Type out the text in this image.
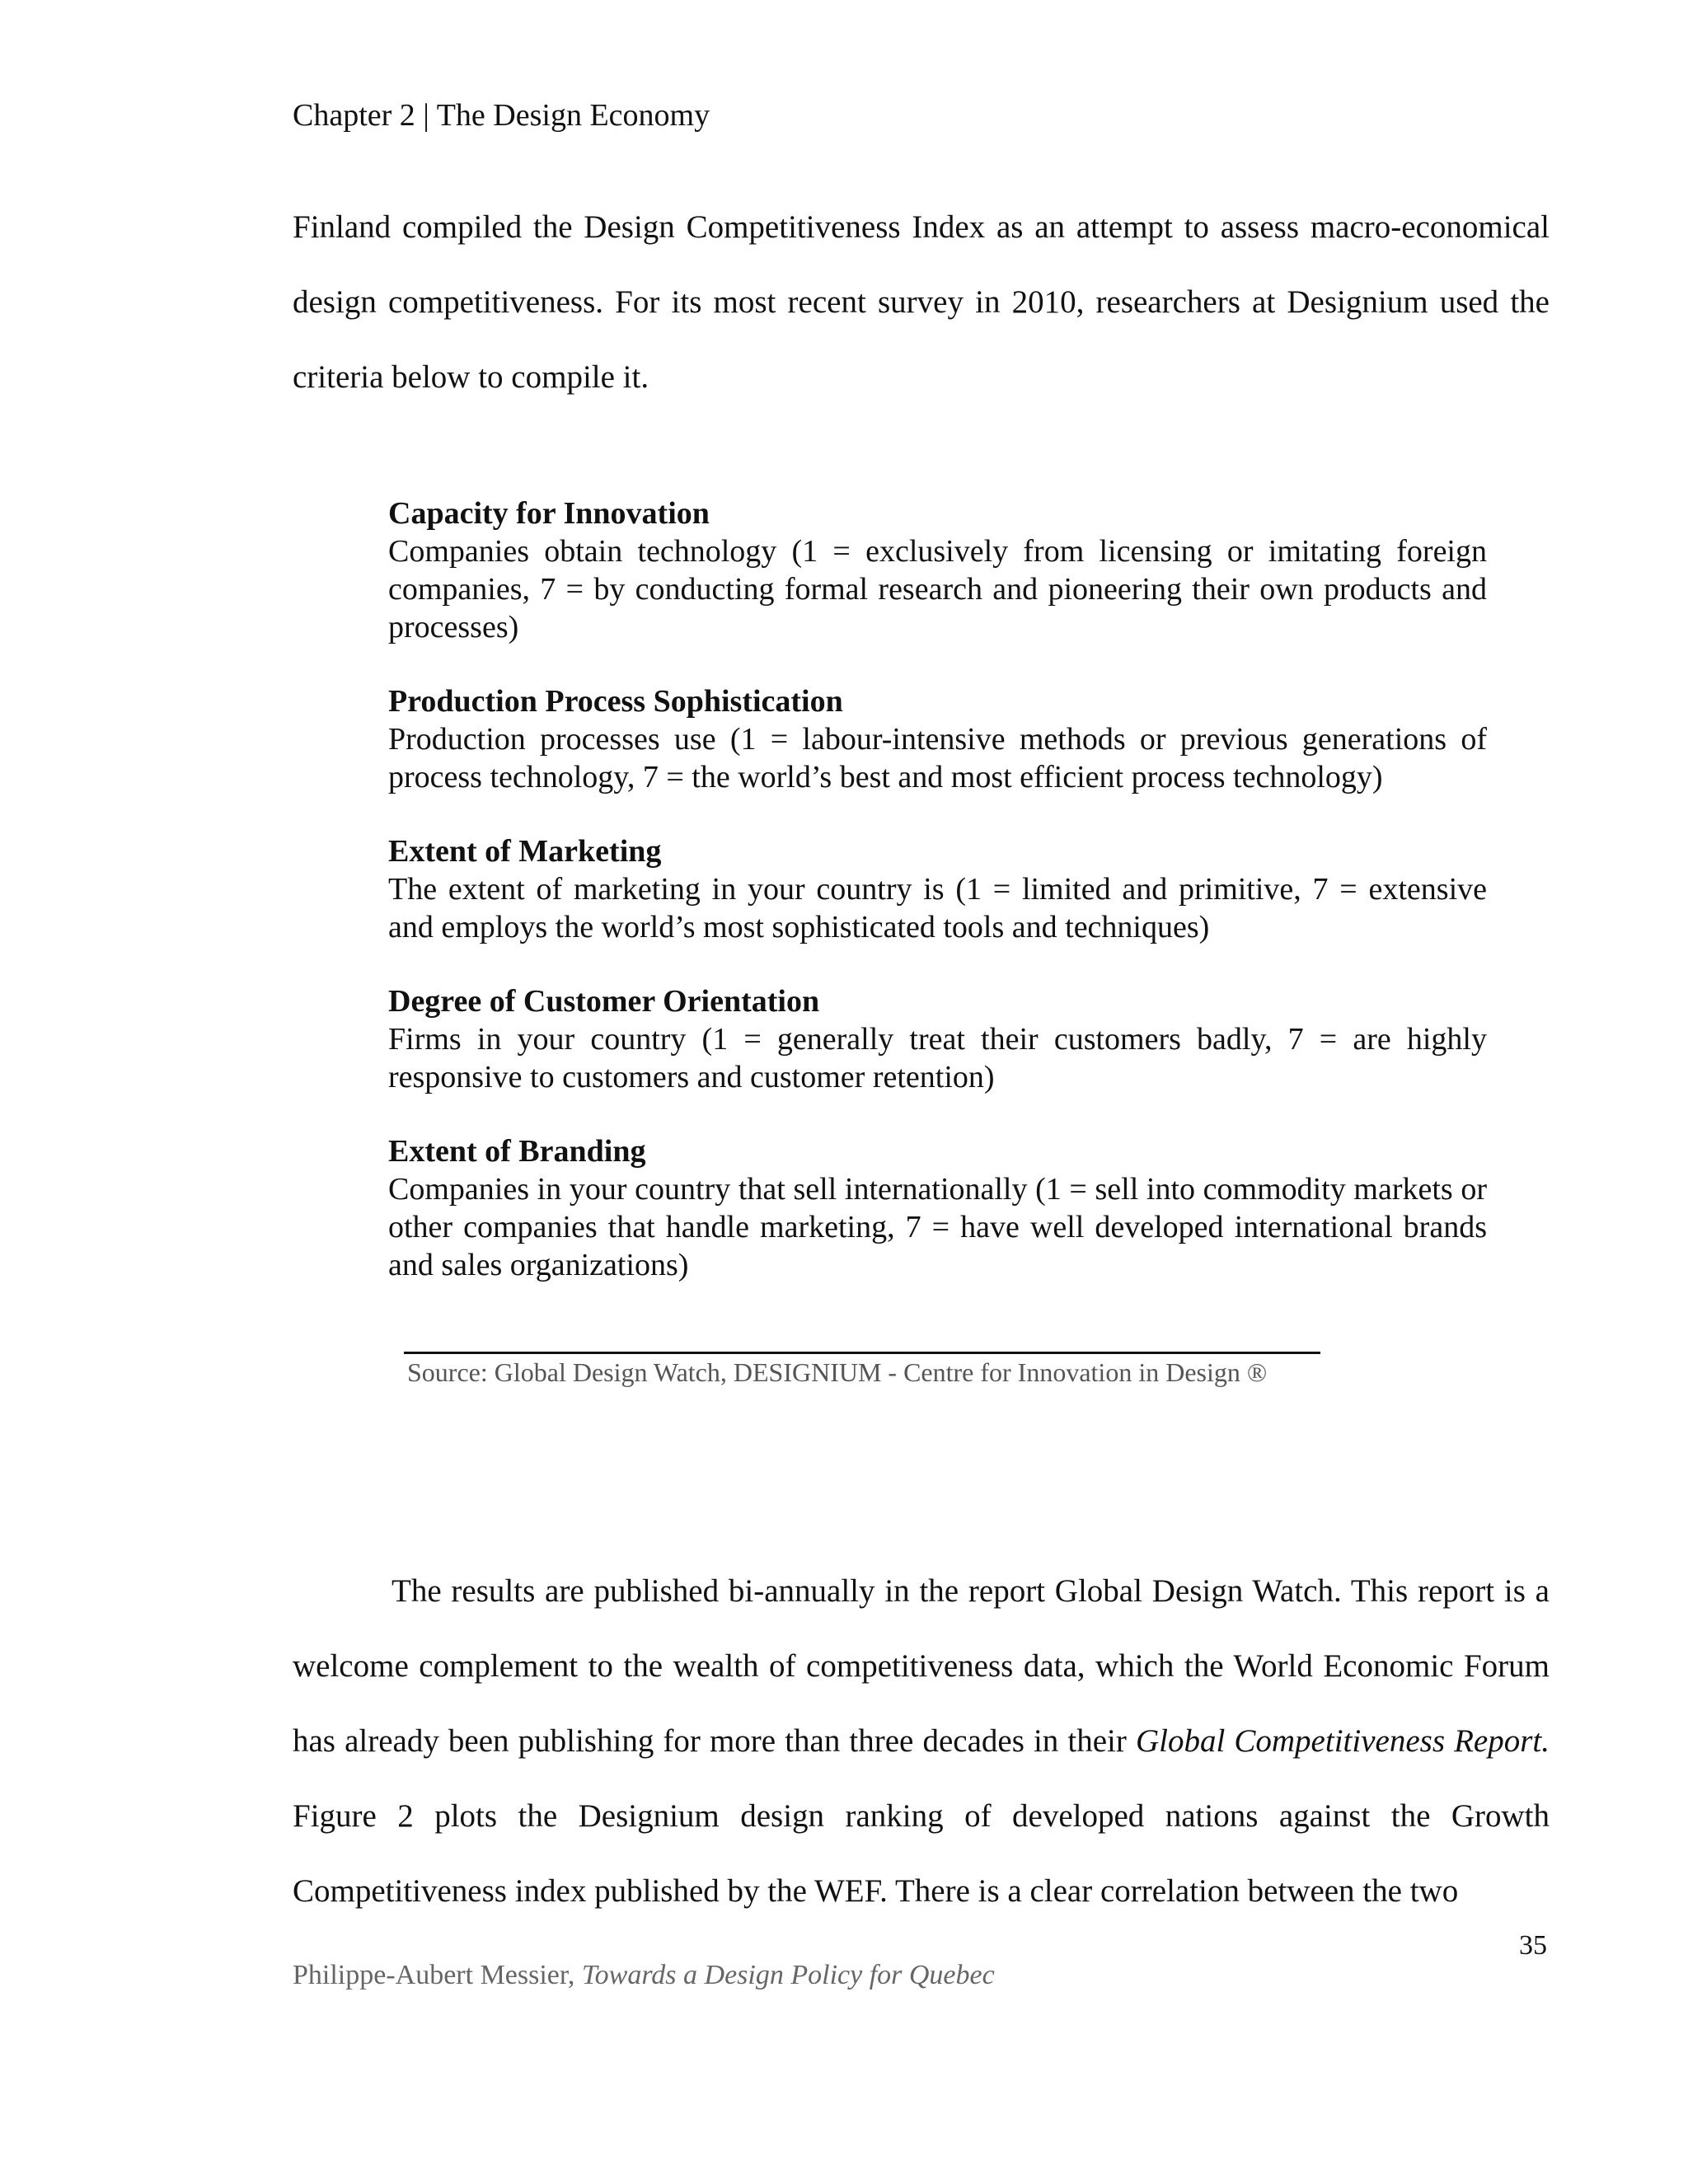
Chapter 2 | The Design Economy
Finland compiled the Design Competitiveness Index as an attempt to assess macro-economical design competitiveness. For its most recent survey in 2010, researchers at Designium used the criteria below to compile it.
Capacity for Innovation
Companies obtain technology (1 = exclusively from licensing or imitating foreign companies, 7 = by conducting formal research and pioneering their own products and processes)
Production Process Sophistication
Production processes use (1 = labour-intensive methods or previous generations of process technology, 7 = the world’s best and most efficient process technology)
Extent of Marketing
The extent of marketing in your country is (1 = limited and primitive, 7 = extensive and employs the world’s most sophisticated tools and techniques)
Degree of Customer Orientation
Firms in your country (1 = generally treat their customers badly, 7 = are highly responsive to customers and customer retention)
Extent of Branding
Companies in your country that sell internationally (1 = sell into commodity markets or other companies that handle marketing, 7 = have well developed international brands and sales organizations)
Source: Global Design Watch, DESIGNIUM - Centre for Innovation in Design ®
The results are published bi-annually in the report Global Design Watch. This report is a welcome complement to the wealth of competitiveness data, which the World Economic Forum has already been publishing for more than three decades in their Global Competitiveness Report. Figure 2 plots the Designium design ranking of developed nations against the Growth Competitiveness index published by the WEF. There is a clear correlation between the two
35
Philippe-Aubert Messier, Towards a Design Policy for Quebec
